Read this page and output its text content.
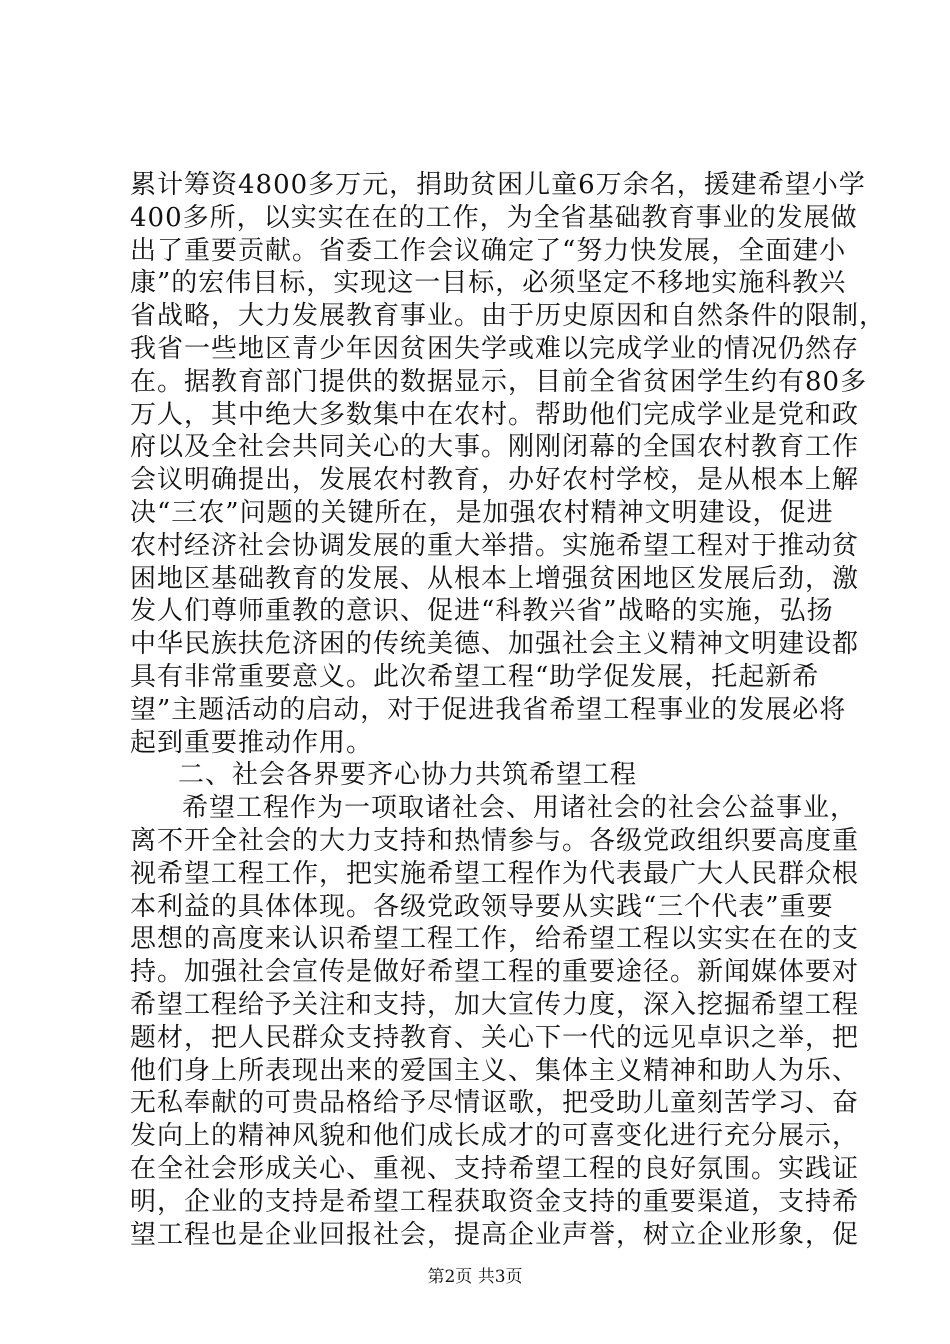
累计筹资4800多万元，捐助贫困儿童6万余名，援建希望小学
400多所，以实实在在的工作，为全省基础教育事业的发展做
出了重要贡献。省委工作会议确定了“努力快发展，全面建小
康”的宏伟目标，实现这一目标，必须坚定不移地实施科教兴
省战略，大力发展教育事业。由于历史原因和自然条件的限制，
我省一些地区青少年因贫困失学或难以完成学业的情况仍然存
在。据教育部门提供的数据显示，目前全省贫困学生约有80多
万人，其中绝大多数集中在农村。帮助他们完成学业是党和政
府以及全社会共同关心的大事。刚刚闭幕的全国农村教育工作
会议明确提出，发展农村教育，办好农村学校，是从根本上解
决“三农”问题的关键所在，是加强农村精神文明建设，促进
农村经济社会协调发展的重大举措。实施希望工程对于推动贫
困地区基础教育的发展、从根本上增强贫困地区发展后劲，激
发人们尊师重教的意识、促进“科教兴省”战略的实施，弘扬
中华民族扶危济困的传统美德、加强社会主义精神文明建设都
具有非常重要意义。此次希望工程“助学促发展，托起新希
望”主题活动的启动，对于促进我省希望工程事业的发展必将
起到重要推动作用。
二、社会各界要齐心协力共筑希望工程
希望工程作为一项取诸社会、用诸社会的社会公益事业，
离不开全社会的大力支持和热情参与。各级党政组织要高度重
视希望工程工作，把实施希望工程作为代表最广大人民群众根
本利益的具体体现。各级党政领导要从实践“三个代表”重要
思想的高度来认识希望工程工作，给希望工程以实实在在的支
持。加强社会宣传是做好希望工程的重要途径。新闻媒体要对
希望工程给予关注和支持，加大宣传力度，深入挖掘希望工程
题材，把人民群众支持教育、关心下一代的远见卓识之举，把
他们身上所表现出来的爱国主义、集体主义精神和助人为乐、
无私奉献的可贵品格给予尽情讴歌，把受助儿童刻苦学习、奋
发向上的精神风貌和他们成长成才的可喜变化进行充分展示，
在全社会形成关心、重视、支持希望工程的良好氛围。实践证
明，企业的支持是希望工程获取资金支持的重要渠道，支持希
望工程也是企业回报社会，提高企业声誉，树立企业形象，促
第2页 共3页
